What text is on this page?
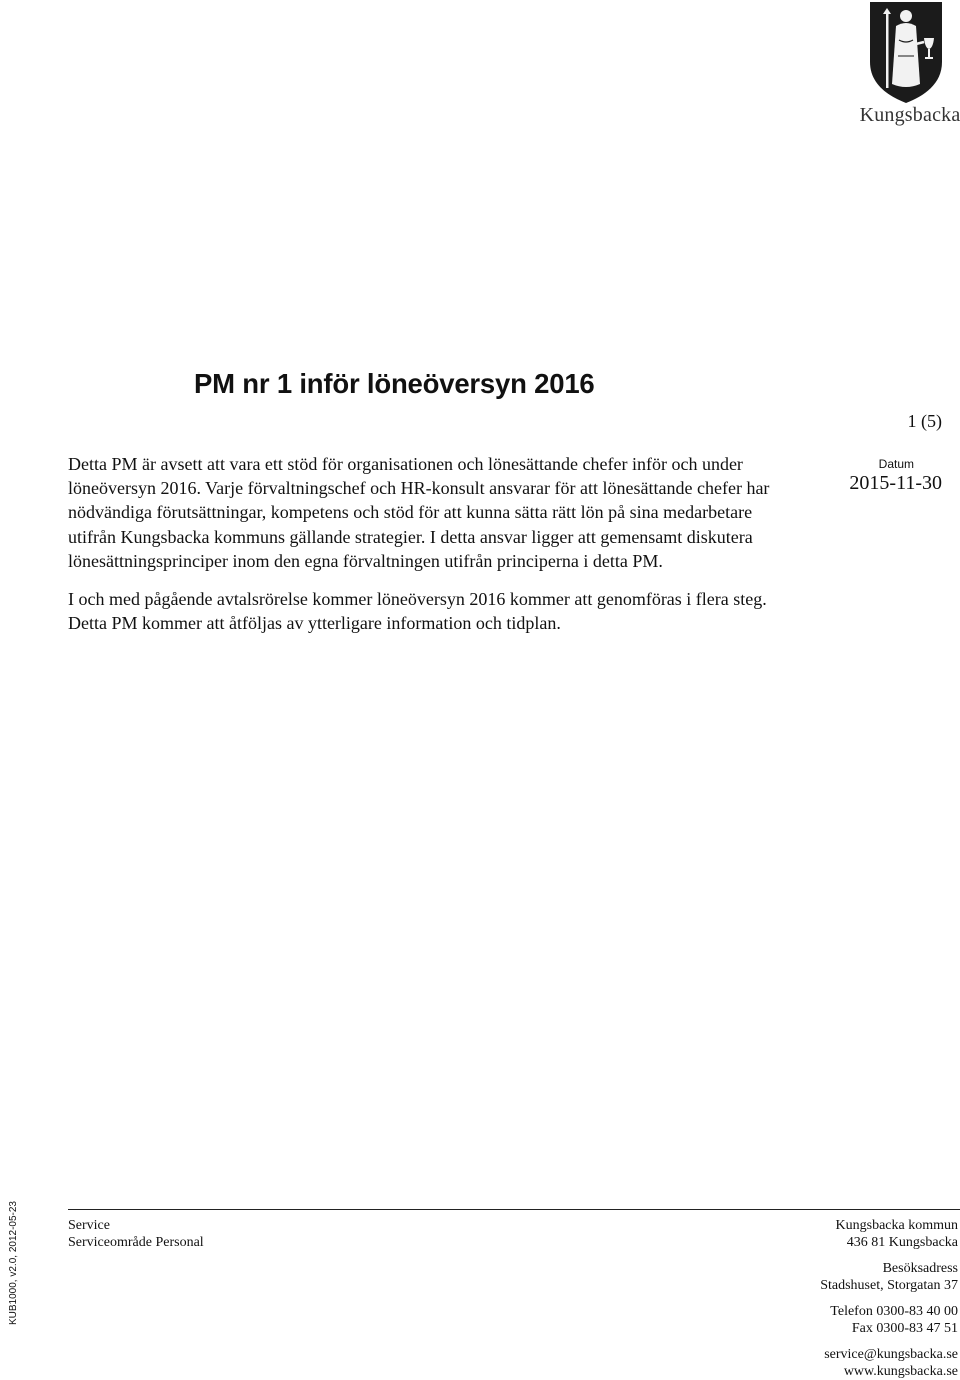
Kungsbacka
1 (5)
Datum
2015-11-30
PM nr 1 inför löneöversyn 2016

Detta PM är avsett att vara ett stöd för organisationen och lönesättande chefer inför och under löneöversyn 2016. Varje förvaltningschef och HR-konsult ansvarar för att lönesättande chefer har nödvändiga förutsättningar, kompetens och stöd för att kunna sätta rätt lön på sina medarbetare utifrån Kungsbacka kommuns gällande strategier. I detta ansvar ligger att gemensamt diskutera lönesättningsprinciper inom den egna förvaltningen utifrån principerna i detta PM.

I och med pågående avtalsrörelse kommer löneöversyn 2016 kommer att genomföras i flera steg. Detta PM kommer att åtföljas av ytterligare information och tidplan.

KUB1000, v2.0, 2012-05-23	Service
Serviceområde Personal
Kungsbacka kommun
436 81 Kungsbacka
Besöksadress
Stadshuset, Storgatan 37
Telefon 0300-83 40 00
Fax 0300-83 47 51
service@kungsbacka.se
www.kungsbacka.se
